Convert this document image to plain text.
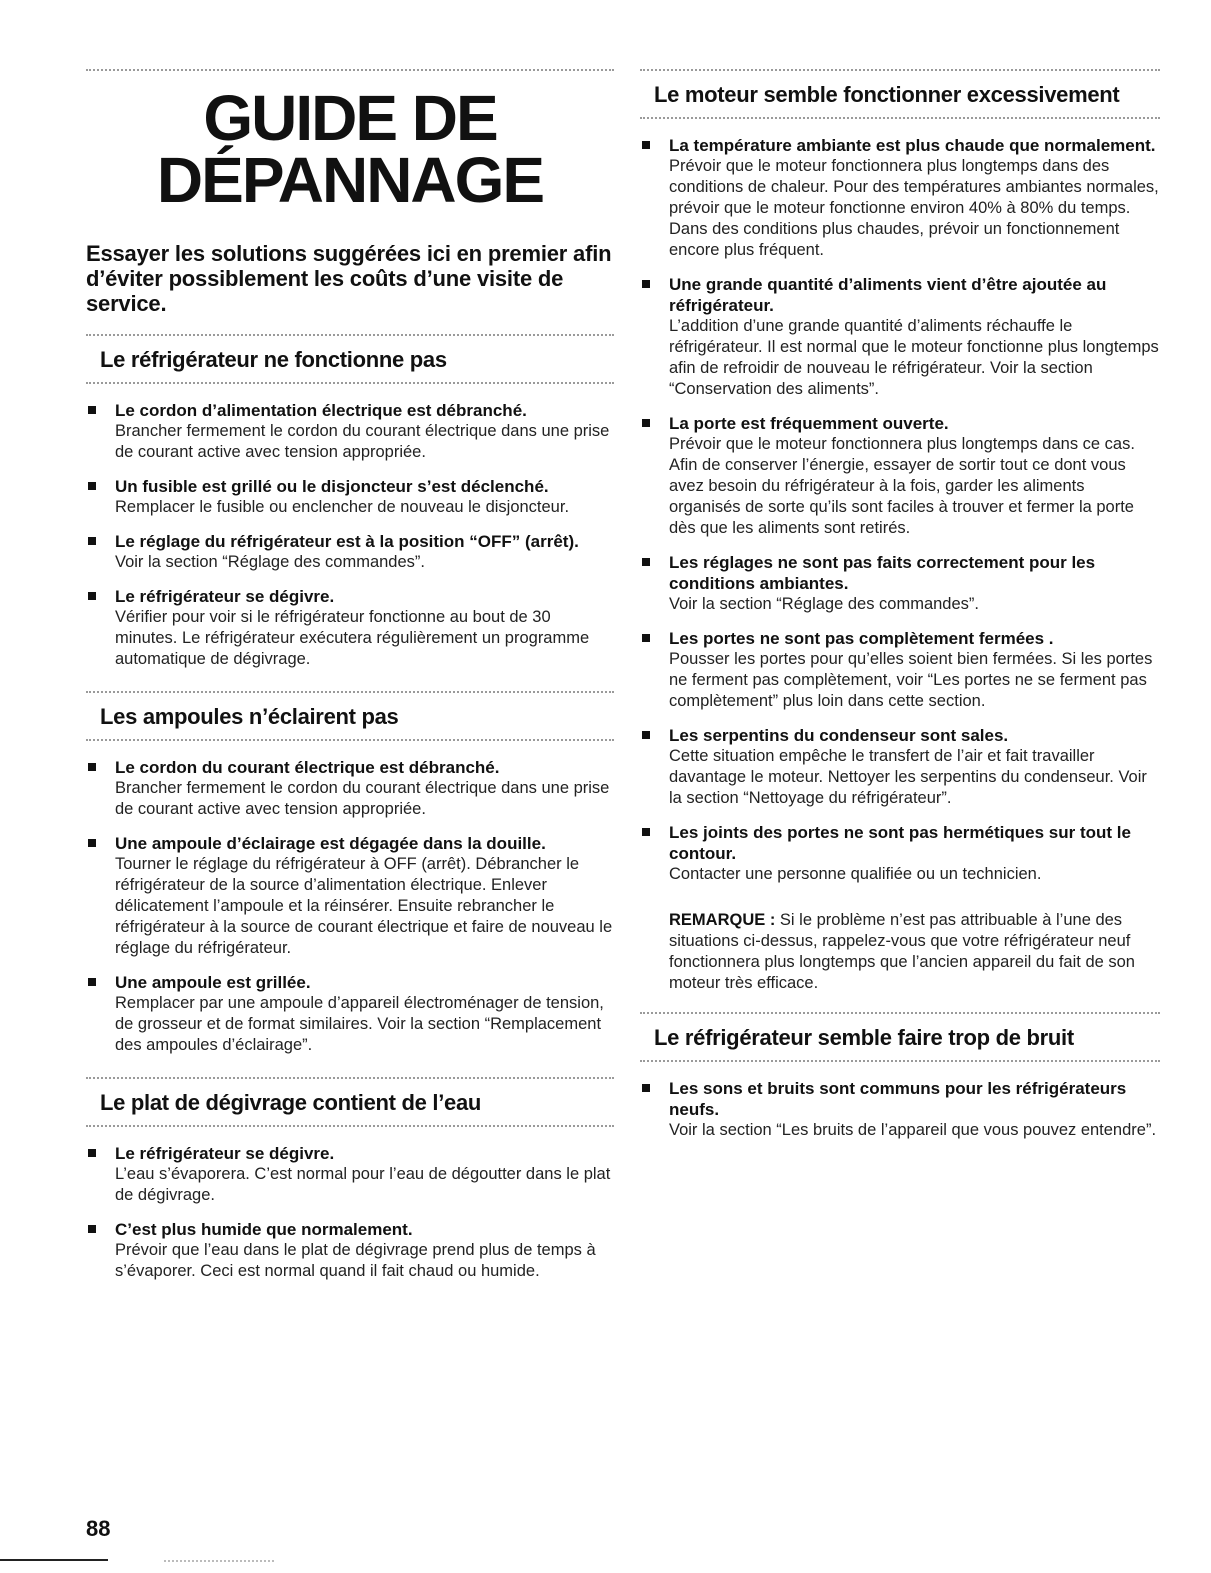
GUIDE DE
DÉPANNAGE
Essayer les solutions suggérées ici en premier afin d’éviter possiblement les coûts d’une visite de service.
Le réfrigérateur ne fonctionne pas
Le cordon d’alimentation électrique est débranché.
Brancher fermement le cordon du courant électrique dans une prise de courant active avec tension appropriée.
Un fusible est grillé ou le disjoncteur s’est déclenché.
Remplacer le fusible ou enclencher de nouveau le disjoncteur.
Le réglage du réfrigérateur est à la position “OFF” (arrêt).
Voir la section “Réglage des commandes”.
Le réfrigérateur se dégivre.
Vérifier pour voir si le réfrigérateur fonctionne au bout de 30 minutes. Le réfrigérateur exécutera régulièrement un programme automatique de dégivrage.
Les ampoules n’éclairent pas
Le cordon du courant électrique est débranché.
Brancher fermement le cordon du courant électrique dans une prise de courant active avec tension appropriée.
Une ampoule d’éclairage est dégagée dans la douille.
Tourner le réglage du réfrigérateur à OFF (arrêt). Débrancher le réfrigérateur de la source d’alimentation électrique. Enlever délicatement l’ampoule et la réinsérer. Ensuite rebrancher le réfrigérateur à la source de courant électrique et faire de nouveau le réglage du réfrigérateur.
Une ampoule est grillée.
Remplacer par une ampoule d’appareil électroménager de tension, de grosseur et de format similaires. Voir la section “Remplacement des ampoules d’éclairage”.
Le plat de dégivrage contient de l’eau
Le réfrigérateur se dégivre.
L’eau s’évaporera. C’est normal pour l’eau de dégoutter dans le plat de dégivrage.
C’est plus humide que normalement.
Prévoir que l’eau dans le plat de dégivrage prend plus de temps à s’évaporer. Ceci est normal quand il fait chaud ou humide.
Le moteur semble fonctionner excessivement
La température ambiante est plus chaude que normalement.
Prévoir que le moteur fonctionnera plus longtemps dans des conditions de chaleur. Pour des températures ambiantes normales, prévoir que le moteur fonctionne environ 40% à 80% du temps. Dans des conditions plus chaudes, prévoir un fonctionnement encore plus fréquent.
Une grande quantité d’aliments vient d’être ajoutée au réfrigérateur.
L’addition d’une grande quantité d’aliments réchauffe le réfrigérateur. Il est normal que le moteur fonctionne plus longtemps afin de refroidir de nouveau le réfrigérateur. Voir la section “Conservation des aliments”.
La porte est fréquemment ouverte.
Prévoir que le moteur fonctionnera plus longtemps dans ce cas. Afin de conserver l’énergie, essayer de sortir tout ce dont vous avez besoin du réfrigérateur à la fois, garder les aliments organisés de sorte qu’ils sont faciles à trouver et fermer la porte dès que les aliments sont retirés.
Les réglages ne sont pas faits correctement pour les conditions ambiantes.
Voir la section “Réglage des commandes”.
Les portes ne sont pas complètement fermées .
Pousser les portes pour qu’elles soient bien fermées. Si les portes ne ferment pas complètement, voir “Les portes ne se ferment pas complètement” plus loin dans cette section.
Les serpentins du condenseur sont sales.
Cette situation empêche le transfert de l’air et fait travailler davantage le moteur. Nettoyer les serpentins du condenseur. Voir la section “Nettoyage du réfrigérateur”.
Les joints des portes ne sont pas hermétiques sur tout le contour.
Contacter une personne qualifiée ou un technicien.
REMARQUE : Si le problème n’est pas attribuable à l’une des situations ci-dessus, rappelez-vous que votre réfrigérateur neuf fonctionnera plus longtemps que l’ancien appareil du fait de son moteur très efficace.
Le réfrigérateur semble faire trop de bruit
Les sons et bruits sont communs pour les réfrigérateurs neufs.
Voir la section “Les bruits de l’appareil que vous pouvez entendre”.
88
